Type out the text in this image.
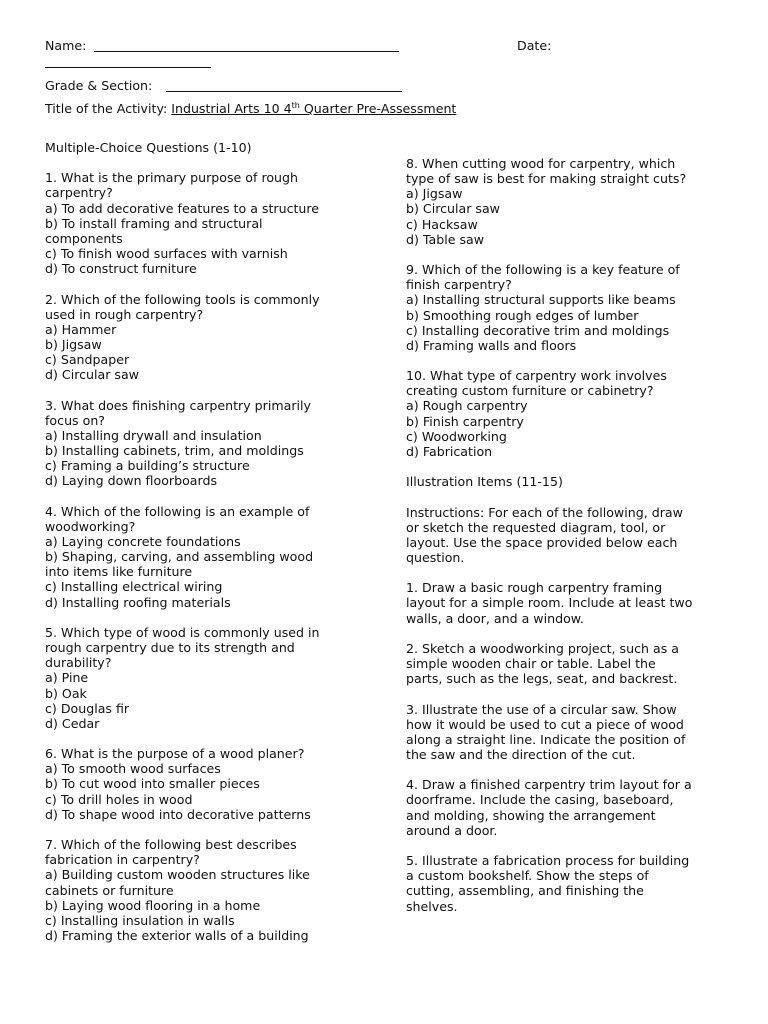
Name:	Date:
Grade & Section:
Title of the Activity: Industrial Arts 10 4th Quarter Pre-Assessment
Multiple-Choice Questions (1-10)
1. What is the primary purpose of rough
carpentry?
a) To add decorative features to a structure
b) To install framing and structural
components
c) To finish wood surfaces with varnish
d) To construct furniture
2. Which of the following tools is commonly
used in rough carpentry?
a) Hammer
b) Jigsaw
c) Sandpaper
d) Circular saw
3. What does finishing carpentry primarily
focus on?
a) Installing drywall and insulation
b) Installing cabinets, trim, and moldings
c) Framing a building’s structure
d) Laying down floorboards
4. Which of the following is an example of
woodworking?
a) Laying concrete foundations
b) Shaping, carving, and assembling wood
into items like furniture
c) Installing electrical wiring
d) Installing roofing materials
5. Which type of wood is commonly used in
rough carpentry due to its strength and
durability?
a) Pine
b) Oak
c) Douglas fir
d) Cedar
6. What is the purpose of a wood planer?
a) To smooth wood surfaces
b) To cut wood into smaller pieces
c) To drill holes in wood
d) To shape wood into decorative patterns
7. Which of the following best describes
fabrication in carpentry?
a) Building custom wooden structures like
cabinets or furniture
b) Laying wood flooring in a home
c) Installing insulation in walls
d) Framing the exterior walls of a building
8. When cutting wood for carpentry, which
type of saw is best for making straight cuts?
a) Jigsaw
b) Circular saw
c) Hacksaw
d) Table saw
9. Which of the following is a key feature of
finish carpentry?
a) Installing structural supports like beams
b) Smoothing rough edges of lumber
c) Installing decorative trim and moldings
d) Framing walls and floors
10. What type of carpentry work involves
creating custom furniture or cabinetry?
a) Rough carpentry
b) Finish carpentry
c) Woodworking
d) Fabrication
Illustration Items (11-15)
Instructions: For each of the following, draw
or sketch the requested diagram, tool, or
layout. Use the space provided below each
question.
1. Draw a basic rough carpentry framing
layout for a simple room. Include at least two
walls, a door, and a window.
2. Sketch a woodworking project, such as a
simple wooden chair or table. Label the
parts, such as the legs, seat, and backrest.
3. Illustrate the use of a circular saw. Show
how it would be used to cut a piece of wood
along a straight line. Indicate the position of
the saw and the direction of the cut.
4. Draw a finished carpentry trim layout for a
doorframe. Include the casing, baseboard,
and molding, showing the arrangement
around a door.
5. Illustrate a fabrication process for building
a custom bookshelf. Show the steps of
cutting, assembling, and finishing the
shelves.
